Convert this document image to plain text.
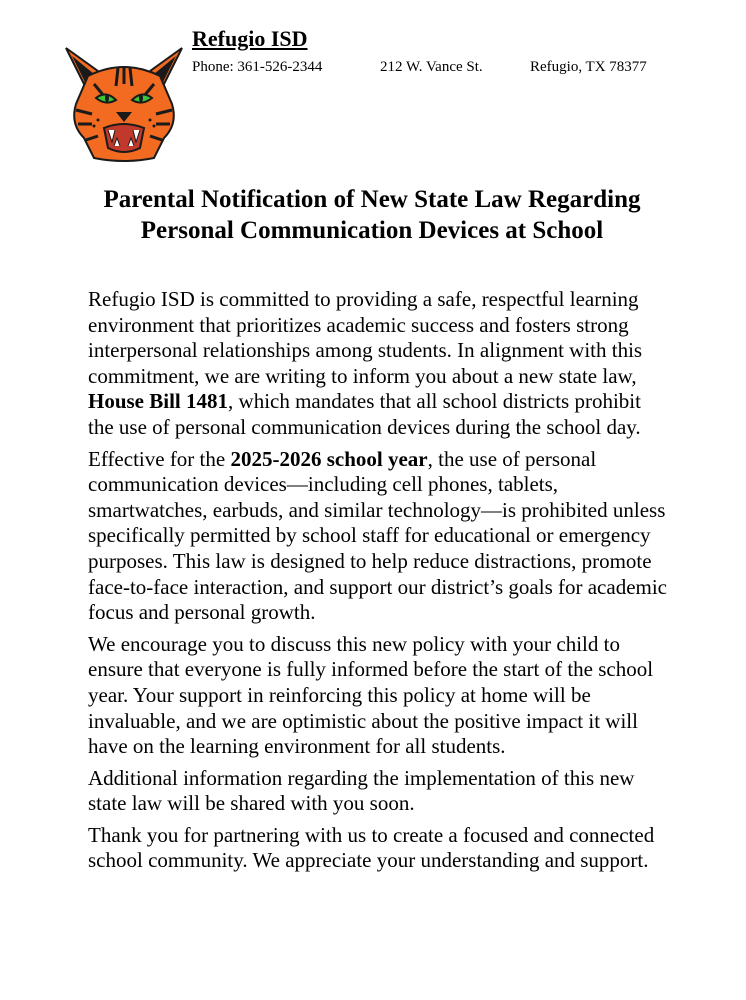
Refugio ISD
Phone: 361-526-2344	212 W. Vance St.	Refugio, TX 78377
Parental Notification of New State Law Regarding
Personal Communication Devices at School

Refugio ISD is committed to providing a safe, respectful learning environment that prioritizes academic success and fosters strong interpersonal relationships among students. In alignment with this commitment, we are writing to inform you about a new state law, House Bill 1481, which mandates that all school districts prohibit the use of personal communication devices during the school day.

Effective for the 2025-2026 school year, the use of personal communication devices—including cell phones, tablets, smartwatches, earbuds, and similar technology—is prohibited unless specifically permitted by school staff for educational or emergency purposes. This law is designed to help reduce distractions, promote face-to-face interaction, and support our district’s goals for academic focus and personal growth.

We encourage you to discuss this new policy with your child to ensure that everyone is fully informed before the start of the school year. Your support in reinforcing this policy at home will be invaluable, and we are optimistic about the positive impact it will have on the learning environment for all students.

Additional information regarding the implementation of this new state law will be shared with you soon.

Thank you for partnering with us to create a focused and connected school community. We appreciate your understanding and support.
